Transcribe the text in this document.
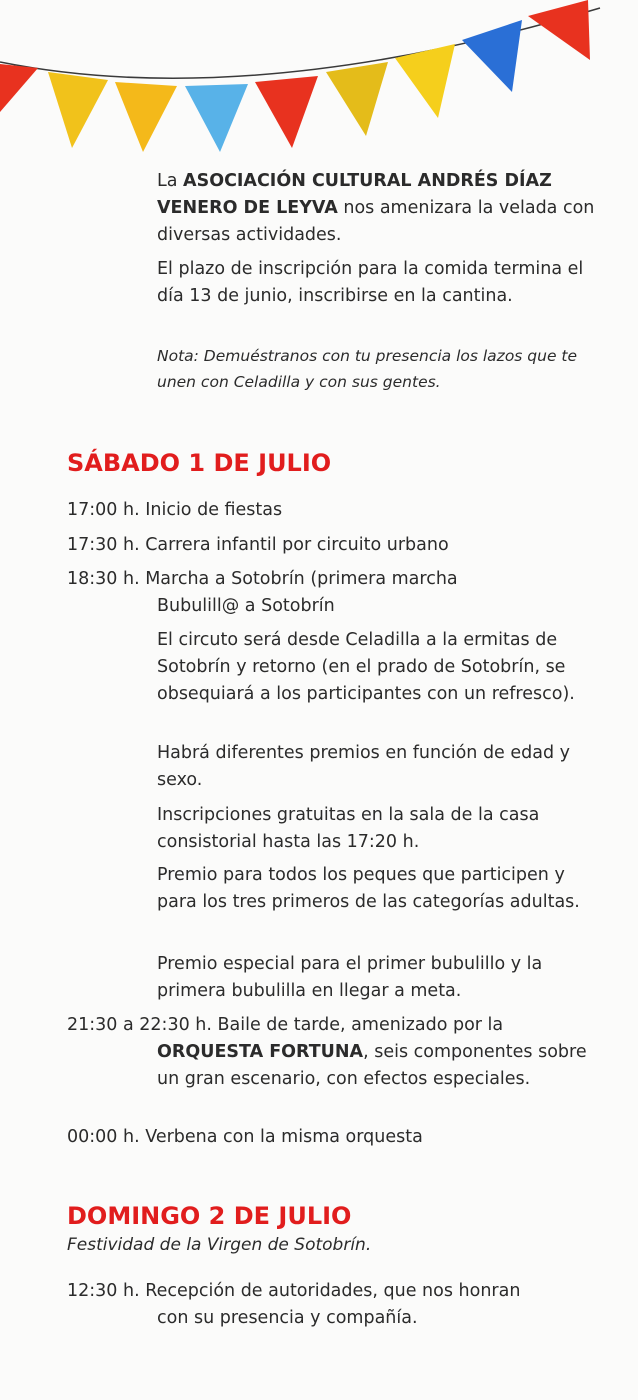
La ASOCIACIÓN CULTURAL ANDRÉS DÍAZ VENERO DE LEYVA nos amenizara la velada con diversas actividades.

El plazo de inscripción para la comida termina el día 13 de junio, inscribirse en la cantina.

Nota: Demuéstranos con tu presencia los lazos que te unen con Celadilla y con sus gentes.

SÁBADO 1 DE JULIO

17:00 h. Inicio de fiestas

17:30 h. Carrera infantil por circuito urbano

18:30 h. Marcha a Sotobrín (primera marcha

Bubulill@ a Sotobrín

El circuto será desde Celadilla a la ermitas de Sotobrín y retorno (en el prado de Sotobrín, se obsequiará a los participantes con un refresco).

Habrá diferentes premios en función de edad y sexo.

Inscripciones gratuitas en la sala de la casa consistorial hasta las 17:20 h.

Premio para todos los peques que participen y para los tres primeros de las categorías adultas.

Premio especial para el primer bubulillo y la primera bubulilla en llegar a meta.

21:30 a 22:30 h. Baile de tarde, amenizado por la

ORQUESTA FORTUNA, seis componentes sobre un gran escenario, con efectos especiales.

00:00 h. Verbena con la misma orquesta

DOMINGO 2 DE JULIO

Festividad de la Virgen de Sotobrín.

12:30 h. Recepción de autoridades, que nos honran

con su presencia y compañía.
